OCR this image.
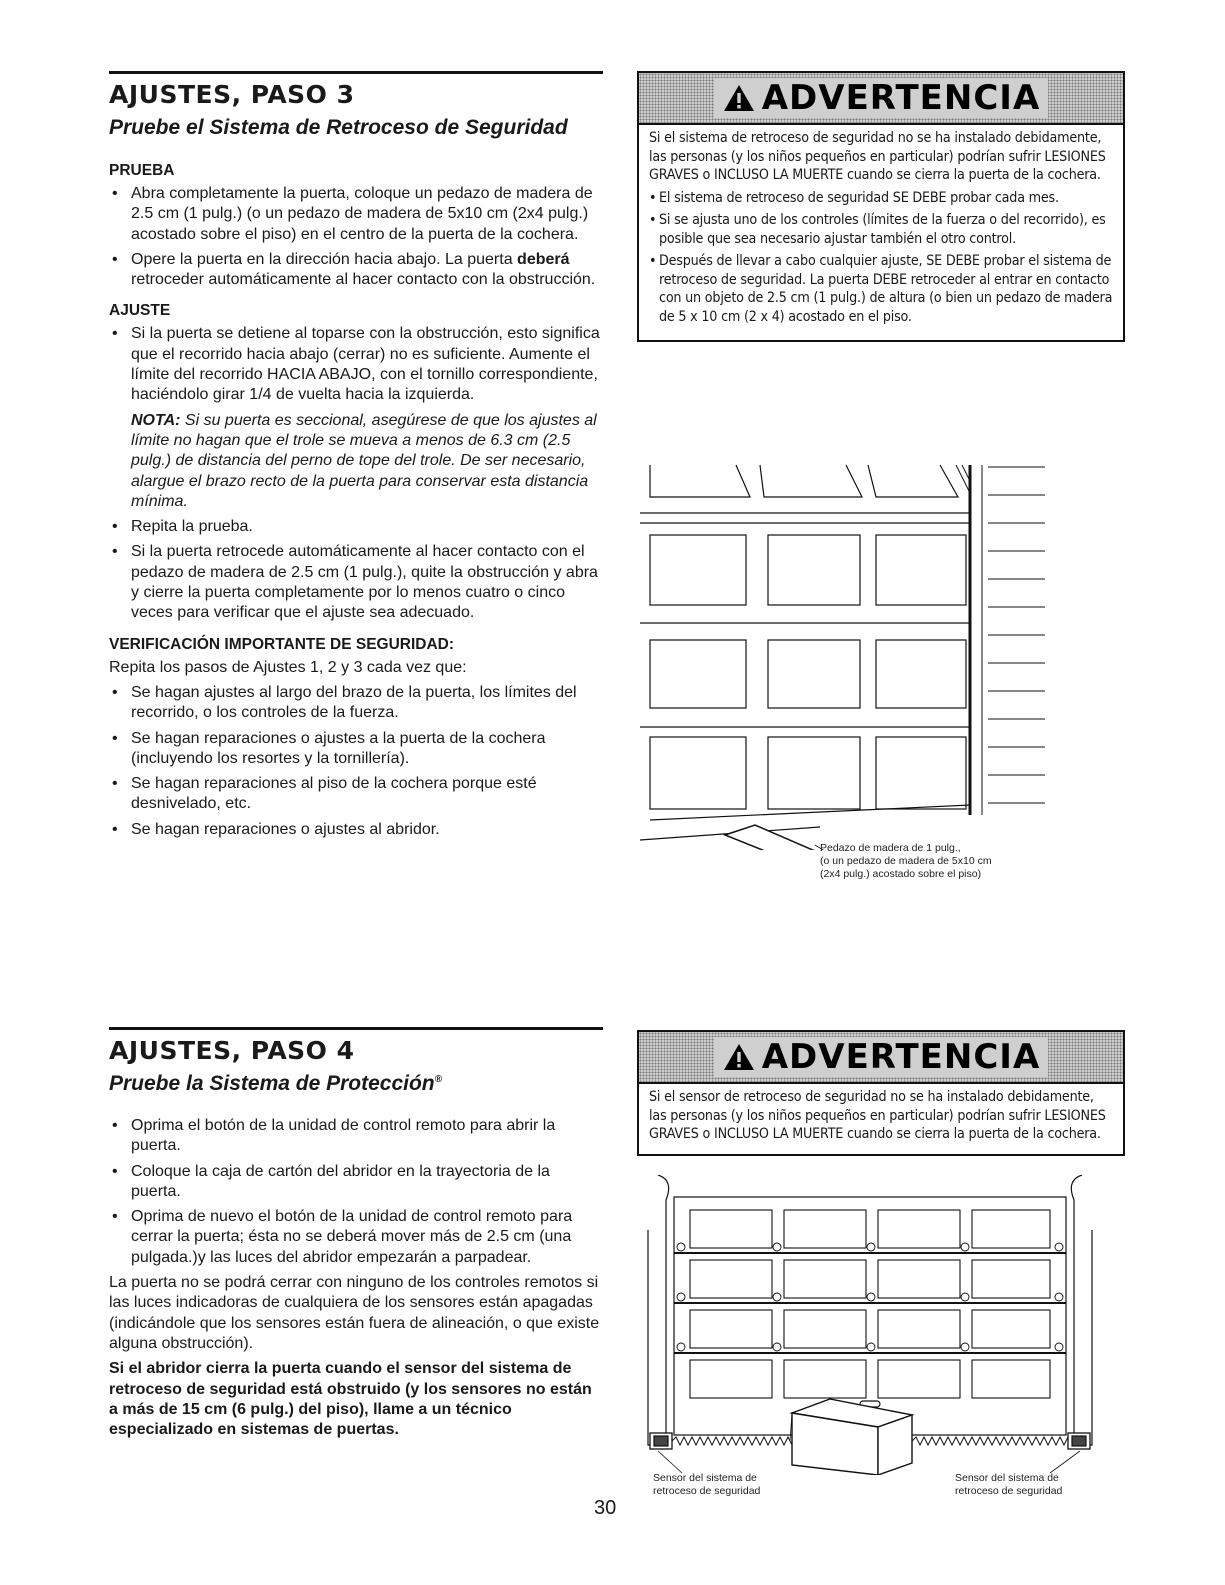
AJUSTES, PASO 3
Pruebe el Sistema de Retroceso de Seguridad
PRUEBA
• Abra completamente la puerta, coloque un pedazo de madera de 2.5 cm (1 pulg.) (o un pedazo de madera de 5x10 cm (2x4 pulg.) acostado sobre el piso) en el centro de la puerta de la cochera.
• Opere la puerta en la dirección hacia abajo. La puerta deberá retroceder automáticamente al hacer contacto con la obstrucción.
AJUSTE
• Si la puerta se detiene al toparse con la obstrucción, esto significa que el recorrido hacia abajo (cerrar) no es suficiente. Aumente el límite del recorrido HACIA ABAJO, con el tornillo correspondiente, haciéndolo girar 1/4 de vuelta hacia la izquierda.
NOTA: Si su puerta es seccional, asegúrese de que los ajustes al límite no hagan que el trole se mueva a menos de 6.3 cm (2.5 pulg.) de distancia del perno de tope del trole. De ser necesario, alargue el brazo recto de la puerta para conservar esta distancia mínima.
• Repita la prueba.
• Si la puerta retrocede automáticamente al hacer contacto con el pedazo de madera de 2.5 cm (1 pulg.), quite la obstrucción y abra y cierre la puerta completamente por lo menos cuatro o cinco veces para verificar que el ajuste sea adecuado.
VERIFICACIÓN IMPORTANTE DE SEGURIDAD:
Repita los pasos de Ajustes 1, 2 y 3 cada vez que:
• Se hagan ajustes al largo del brazo de la puerta, los límites del recorrido, o los controles de la fuerza.
• Se hagan reparaciones o ajustes a la puerta de la cochera (incluyendo los resortes y la tornillería).
• Se hagan reparaciones al piso de la cochera porque esté desnivelado, etc.
• Se hagan reparaciones o ajustes al abridor.
ADVERTENCIA
Si el sistema de retroceso de seguridad no se ha instalado debidamente, las personas (y los niños pequeños en particular) podrían sufrir LESIONES GRAVES o INCLUSO LA MUERTE cuando se cierra la puerta de la cochera.
• El sistema de retroceso de seguridad SE DEBE probar cada mes.
• Si se ajusta uno de los controles (límites de la fuerza o del recorrido), es posible que sea necesario ajustar también el otro control.
• Después de llevar a cabo cualquier ajuste, SE DEBE probar el sistema de retroceso de seguridad. La puerta DEBE retroceder al entrar en contacto con un objeto de 2.5 cm (1 pulg.) de altura (o bien un pedazo de madera de 5 x 10 cm (2 x 4) acostado en el piso.
Pedazo de madera de 1 pulg.,
(o un pedazo de madera de 5x10 cm
(2x4 pulg.) acostado sobre el piso)
AJUSTES, PASO 4
Pruebe la Sistema de Protección®
• Oprima el botón de la unidad de control remoto para abrir la puerta.
• Coloque la caja de cartón del abridor en la trayectoria de la puerta.
• Oprima de nuevo el botón de la unidad de control remoto para cerrar la puerta; ésta no se deberá mover más de 2.5 cm (una pulgada.)y las luces del abridor empezarán a parpadear.
La puerta no se podrá cerrar con ninguno de los controles remotos si las luces indicadoras de cualquiera de los sensores están apagadas (indicándole que los sensores están fuera de alineación, o que existe alguna obstrucción).
Si el abridor cierra la puerta cuando el sensor del sistema de retroceso de seguridad está obstruido (y los sensores no están a más de 15 cm (6 pulg.) del piso), llame a un técnico especializado en sistemas de puertas.
ADVERTENCIA
Si el sensor de retroceso de seguridad no se ha instalado debidamente, las personas (y los niños pequeños en particular) podrían sufrir LESIONES GRAVES o INCLUSO LA MUERTE cuando se cierra la puerta de la cochera.
Sensor del sistema de
retroceso de seguridad
Sensor del sistema de
retroceso de seguridad
30
